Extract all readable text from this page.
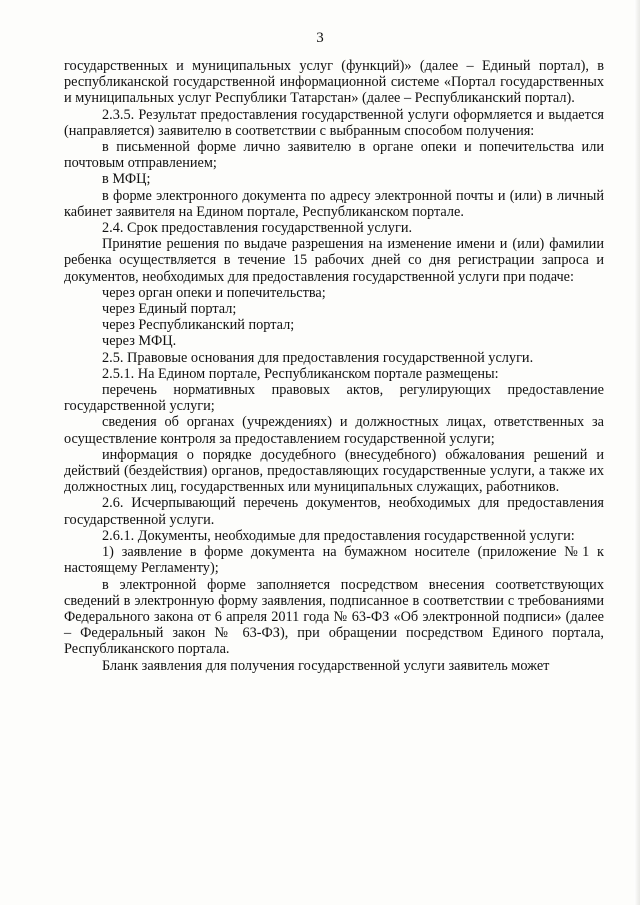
3

государственных и муниципальных услуг (функций)» (далее – Единый портал), в республиканской государственной информационной системе «Портал государственных и муниципальных услуг Республики Татарстан» (далее – Республиканский портал).

2.3.5. Результат предоставления государственной услуги оформляется и выдается (направляется) заявителю в соответствии с выбранным способом получения:

в письменной форме лично заявителю в органе опеки и попечительства или почтовым отправлением;

в МФЦ;

в форме электронного документа по адресу электронной почты и (или) в личный кабинет заявителя на Едином портале, Республиканском портале.

2.4. Срок предоставления государственной услуги.

Принятие решения по выдаче разрешения на изменение имени и (или) фамилии ребенка осуществляется в течение 15 рабочих дней со дня регистрации запроса и документов, необходимых для предоставления государственной услуги при подаче:

через орган опеки и попечительства;

через Единый портал;

через Республиканский портал;

через МФЦ.

2.5. Правовые основания для предоставления государственной услуги.

2.5.1. На Едином портале, Республиканском портале размещены:

перечень нормативных правовых актов, регулирующих предоставление государственной услуги;

сведения об органах (учреждениях) и должностных лицах, ответственных за осуществление контроля за предоставлением государственной услуги;

информация о порядке досудебного (внесудебного) обжалования решений и действий (бездействия) органов, предоставляющих государственные услуги, а также их должностных лиц, государственных или муниципальных служащих, работников.

2.6. Исчерпывающий перечень документов, необходимых для предоставления государственной услуги.

2.6.1. Документы, необходимые для предоставления государственной услуги:

1) заявление в форме документа на бумажном носителе (приложение №1 к настоящему Регламенту);

в электронной форме заполняется посредством внесения соответствующих сведений в электронную форму заявления, подписанное в соответствии с требованиями Федерального закона от 6 апреля 2011 года № 63-ФЗ «Об электронной подписи» (далее – Федеральный закон № 63-ФЗ), при обращении посредством Единого портала, Республиканского портала.

Бланк заявления для получения государственной услуги заявитель может
